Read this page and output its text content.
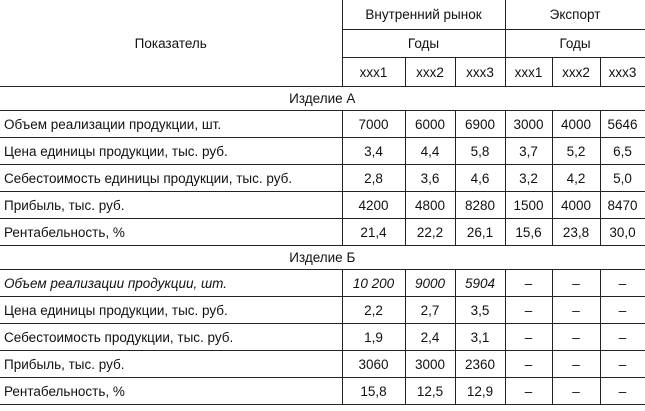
Показатель	Внутренний рынок			Экспорт		
	Годы			Годы		
	ххх1	ххх2	ххх3	ххх1	ххх2	ххх3
Изделие А						
Объем реализации продукции, шт.	7000	6000	6900	3000	4000	5646
Цена единицы продукции, тыс. руб.	3,4	4,4	5,8	3,7	5,2	6,5
Себестоимость единицы продукции, тыс. руб.	2,8	3,6	4,6	3,2	4,2	5,0
Прибыль, тыс. руб.	4200	4800	8280	1500	4000	8470
Рентабельность, %	21,4	22,2	26,1	15,6	23,8	30,0
Изделие Б						
Объем реализации продукции, шт.	10 200	9000	5904	–	–	–
Цена единицы продукции, тыс. руб.	2,2	2,7	3,5	–	–	–
Себестоимость продукции, тыс. руб.	1,9	2,4	3,1	–	–	–
Прибыль, тыс. руб.	3060	3000	2360	–	–	–
Рентабельность, %	15,8	12,5	12,9	–	–	–
